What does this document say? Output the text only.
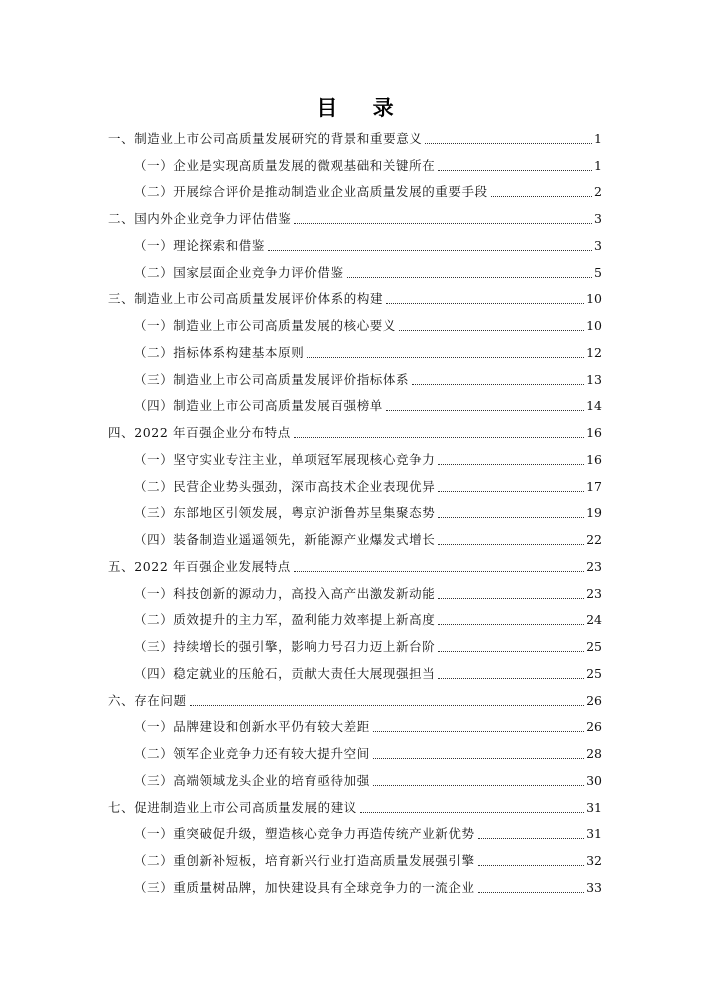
目 录
一、制造业上市公司高质量发展研究的背景和重要意义	1
（一）企业是实现高质量发展的微观基础和关键所在	1
（二）开展综合评价是推动制造业企业高质量发展的重要手段	2
二、国内外企业竞争力评估借鉴	3
（一）理论探索和借鉴	3
（二）国家层面企业竞争力评价借鉴	5
三、制造业上市公司高质量发展评价体系的构建	10
（一）制造业上市公司高质量发展的核心要义	10
（二）指标体系构建基本原则	12
（三）制造业上市公司高质量发展评价指标体系	13
（四）制造业上市公司高质量发展百强榜单	14
四、2022 年百强企业分布特点	16
（一）坚守实业专注主业，单项冠军展现核心竞争力	16
（二）民营企业势头强劲，深市高技术企业表现优异	17
（三）东部地区引领发展，粤京沪浙鲁苏呈集聚态势	19
（四）装备制造业遥遥领先，新能源产业爆发式增长	22
五、2022 年百强企业发展特点	23
（一）科技创新的源动力，高投入高产出激发新动能	23
（二）质效提升的主力军，盈利能力效率提上新高度	24
（三）持续增长的强引擎，影响力号召力迈上新台阶	25
（四）稳定就业的压舱石，贡献大责任大展现强担当	25
六、存在问题	26
（一）品牌建设和创新水平仍有较大差距	26
（二）领军企业竞争力还有较大提升空间	28
（三）高端领域龙头企业的培育亟待加强	30
七、促进制造业上市公司高质量发展的建议	31
（一）重突破促升级，塑造核心竞争力再造传统产业新优势	31
（二）重创新补短板，培育新兴行业打造高质量发展强引擎	32
（三）重质量树品牌，加快建设具有全球竞争力的一流企业	33
